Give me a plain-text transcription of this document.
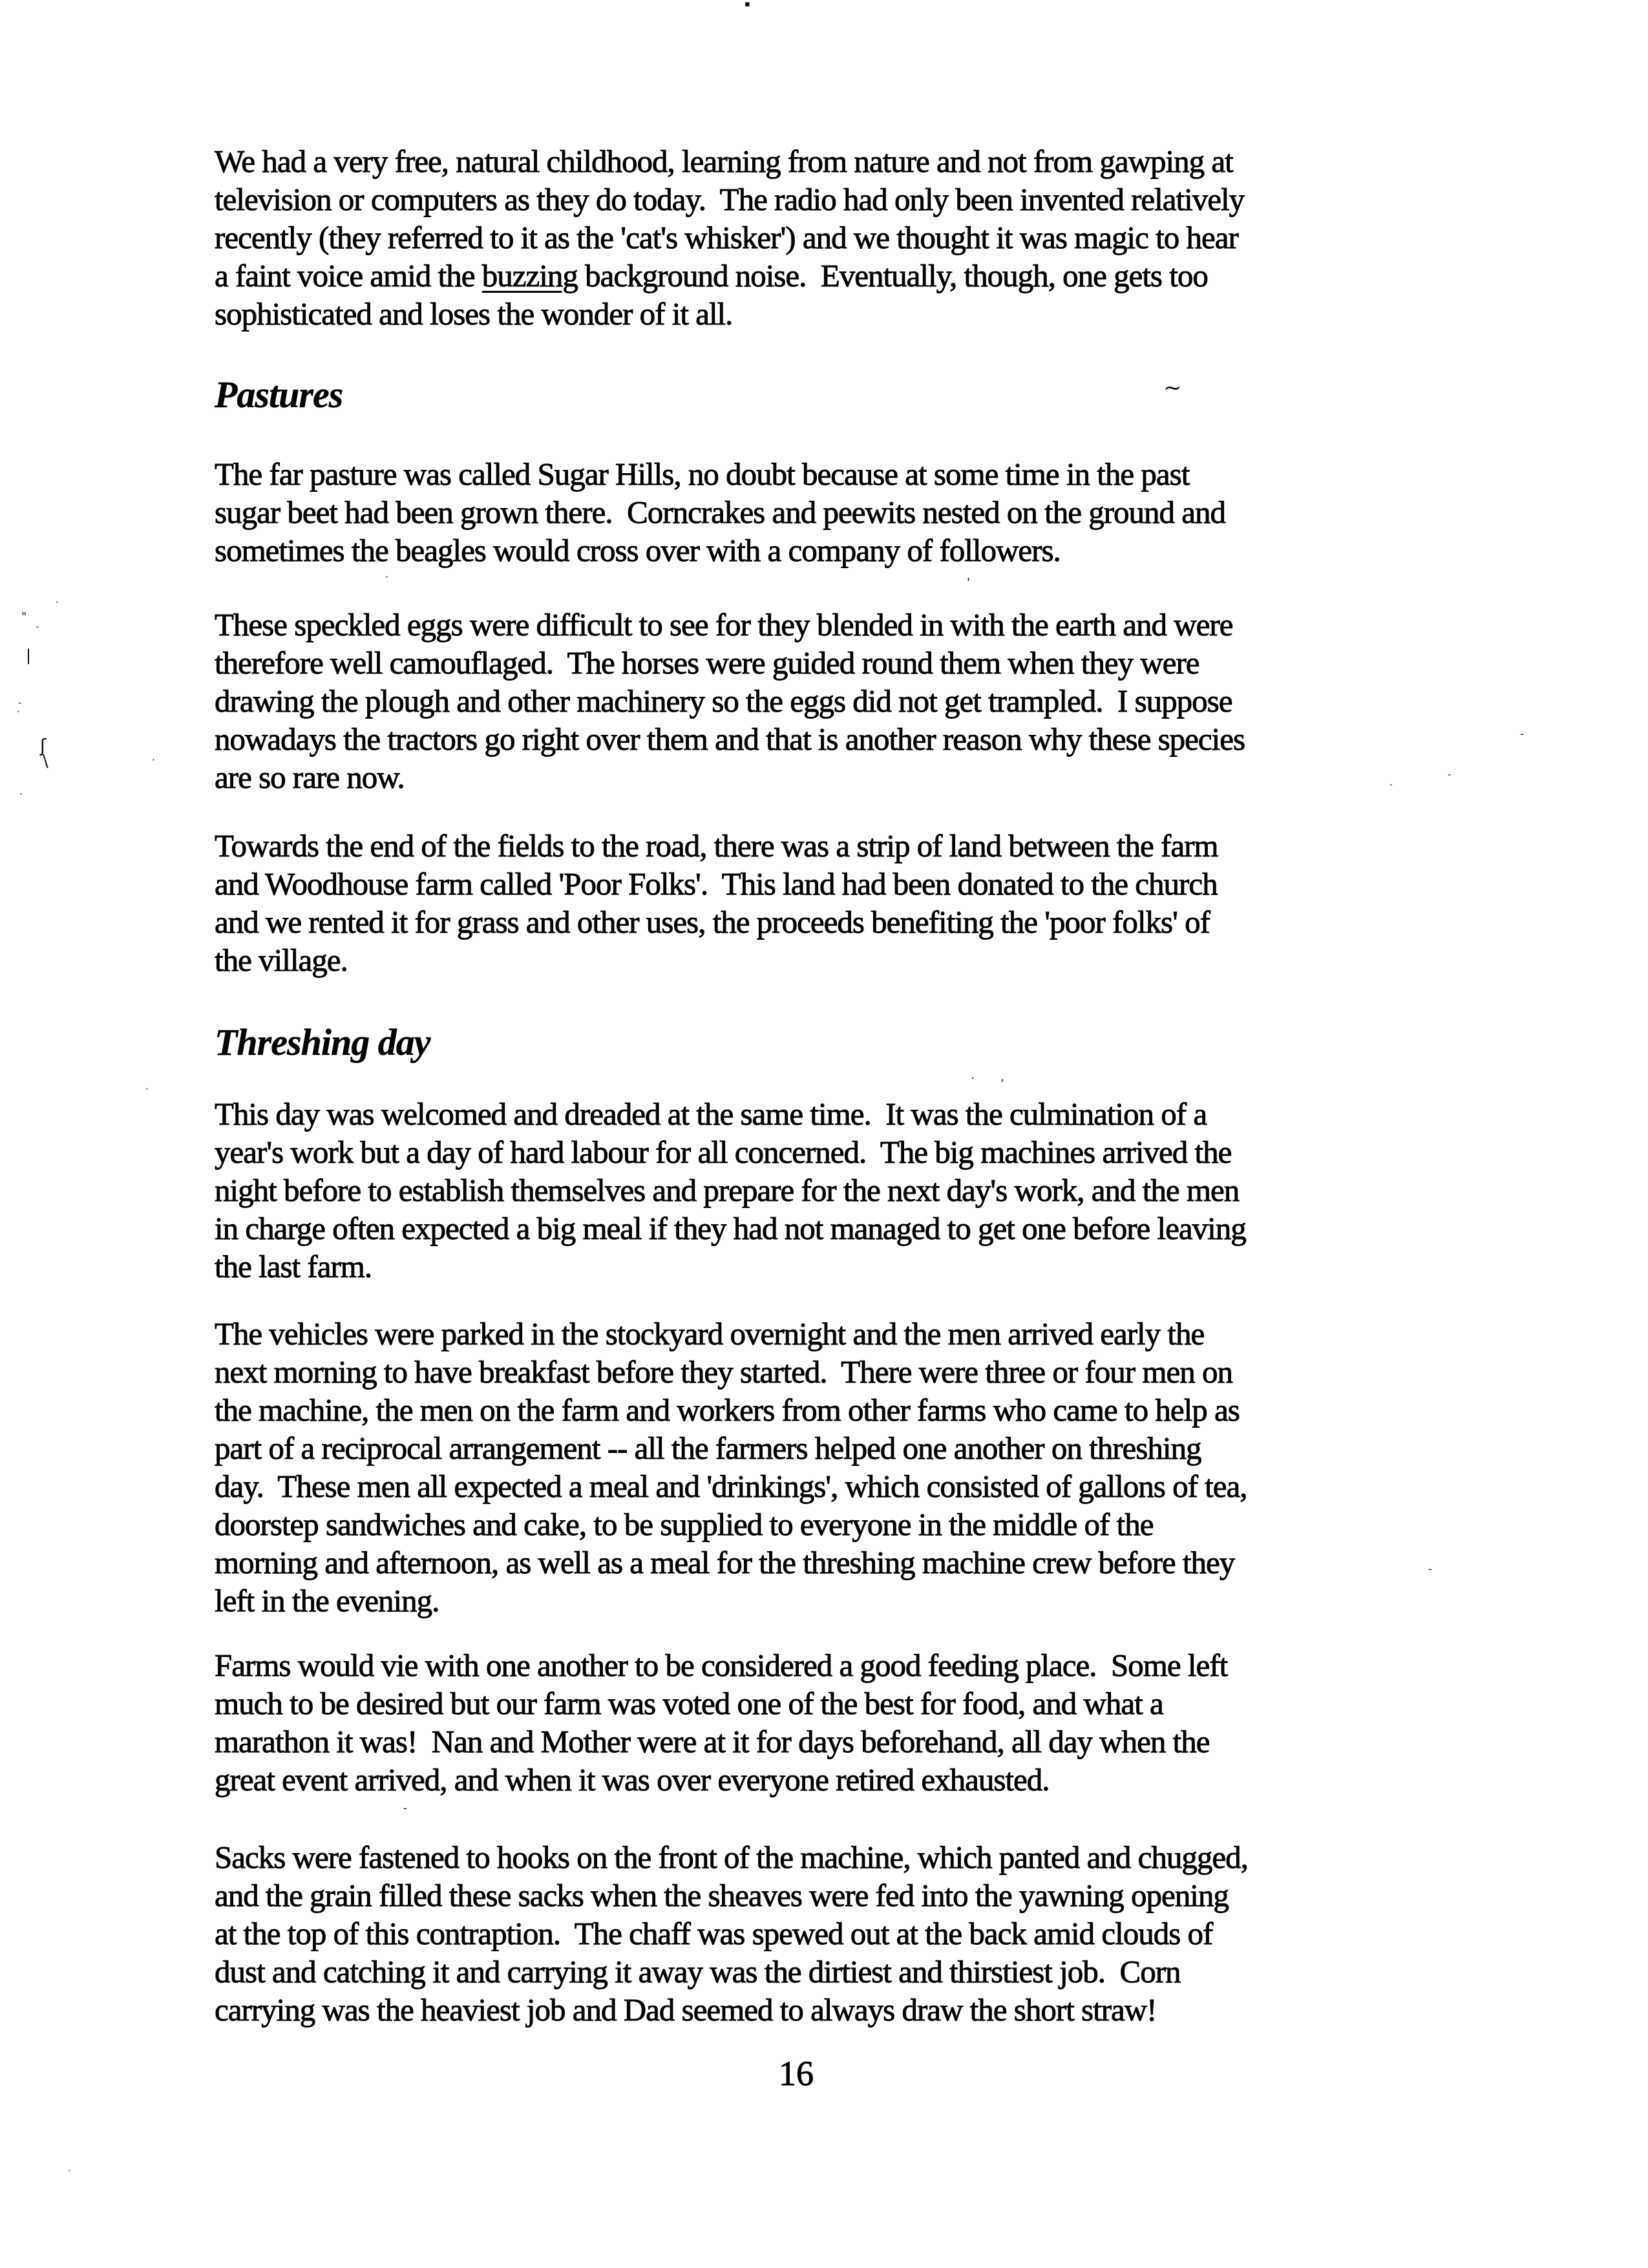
We had a very free, natural childhood, learning from nature and not from gawping at
television or computers as they do today.  The radio had only been invented relatively
recently (they referred to it as the 'cat's whisker') and we thought it was magic to hear
a faint voice amid the buzzing background noise.  Eventually, though, one gets too
sophisticated and loses the wonder of it all.
Pastures
The far pasture was called Sugar Hills, no doubt because at some time in the past
sugar beet had been grown there.  Corncrakes and peewits nested on the ground and
sometimes the beagles would cross over with a company of followers.
These speckled eggs were difficult to see for they blended in with the earth and were
therefore well camouflaged.  The horses were guided round them when they were
drawing the plough and other machinery so the eggs did not get trampled.  I suppose
nowadays the tractors go right over them and that is another reason why these species
are so rare now.
Towards the end of the fields to the road, there was a strip of land between the farm
and Woodhouse farm called 'Poor Folks'.  This land had been donated to the church
and we rented it for grass and other uses, the proceeds benefiting the 'poor folks' of
the village.
Threshing day
This day was welcomed and dreaded at the same time.  It was the culmination of a
year's work but a day of hard labour for all concerned.  The big machines arrived the
night before to establish themselves and prepare for the next day's work, and the men
in charge often expected a big meal if they had not managed to get one before leaving
the last farm.
The vehicles were parked in the stockyard overnight and the men arrived early the
next morning to have breakfast before they started.  There were three or four men on
the machine, the men on the farm and workers from other farms who came to help as
part of a reciprocal arrangement -- all the farmers helped one another on threshing
day.  These men all expected a meal and 'drinkings', which consisted of gallons of tea,
doorstep sandwiches and cake, to be supplied to everyone in the middle of the
morning and afternoon, as well as a meal for the threshing machine crew before they
left in the evening.
Farms would vie with one another to be considered a good feeding place.  Some left
much to be desired but our farm was voted one of the best for food, and what a
marathon it was!  Nan and Mother were at it for days beforehand, all day when the
great event arrived, and when it was over everyone retired exhausted.
Sacks were fastened to hooks on the front of the machine, which panted and chugged,
and the grain filled these sacks when the sheaves were fed into the yawning opening
at the top of this contraption.  The chaff was spewed out at the back amid clouds of
dust and catching it and carrying it away was the dirtiest and thirstiest job.  Corn
carrying was the heaviest job and Dad seemed to always draw the short straw!
16
▪
~
·	'
·
"
.
|
-
.
ʃ
\	·
·
-
-
-
·
. ,
-
-
·
